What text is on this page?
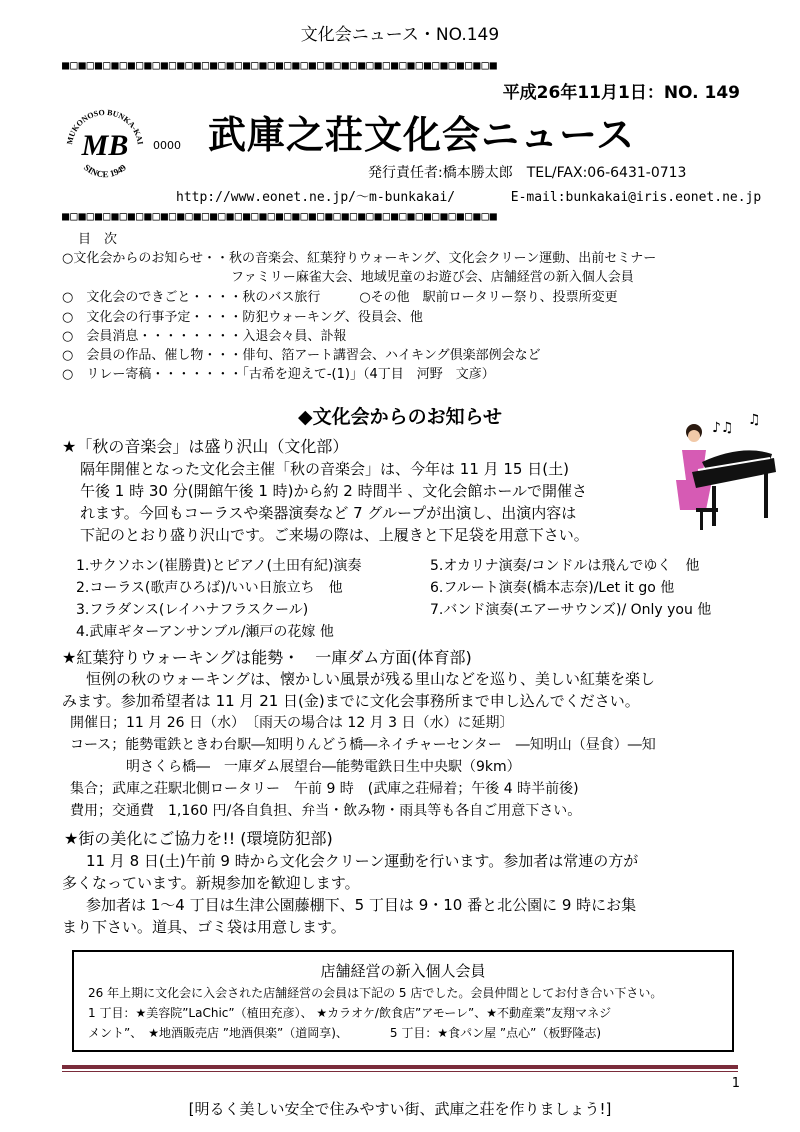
文化会ニュース・NO.149
■□■□■□■□■□■□■□■□■□■□■□■□■□■□■□■□■□■□■□■□■□■□■□■□■□■□■
平成26年11月1日：NO. 149
MUKONOSO BUNKA-KAI
SINCE 1949
MB 0000 武庫之荘文化会ニュース
発行責任者:橋本勝太郎　TEL/FAX:06-6431-0713
http://www.eonet.ne.jp/～m-bunkakai/	E-mail:bunkakai@iris.eonet.ne.jp
■□■□■□■□■□■□■□■□■□■□■□■□■□■□■□■□■□■□■□■□■□■□■□■□■□■□■
目　次
○文化会からのお知らせ・・秋の音楽会、紅葉狩りウォーキング、文化会クリーン運動、出前セミナー
　　　　　　　　　　　　　ファミリー麻雀大会、地域児童のお遊び会、店舗経営の新入個人会員
○　文化会のできごと・・・・秋のバス旅行　　　○その他　駅前ロータリー祭り、投票所変更
○　文化会の行事予定・・・・防犯ウォーキング、役員会、他
○　会員消息・・・・・・・・入退会々員、訃報
○　会員の作品、催し物・・・俳句、箔アート講習会、ハイキング倶楽部例会など
○　リレー寄稿・・・・・・・「古希を迎えて-(1)」（4丁目　河野　文彦）
◆文化会からのお知らせ
★「秋の音楽会」は盛り沢山（文化部）
隔年開催となった文化会主催「秋の音楽会」は、今年は 11 月 15 日(土)
午後 1 時 30 分(開館午後 1 時)から約 2 時間半 、文化会館ホールで開催さ
れます。今回もコーラスや楽器演奏など 7 グループが出演し、出演内容は
下記のとおり盛り沢山です。ご来場の際は、上履きと下足袋を用意下さい。
♪♫ ♫
1.サクソホン(崔勝貴)とピアノ(土田有紀)演奏
2.コーラス(歌声ひろば)/いい日旅立ち　他
3.フラダンス(レイハナフラスクール)
4.武庫ギターアンサンブル/瀬戸の花嫁 他
5.オカリナ演奏/コンドルは飛んでゆく　他
6.フルート演奏(橋本志奈)/Let it go 他
7.バンド演奏(エアーサウンズ)/ Only you 他
★紅葉狩りウォーキングは能勢・　一庫ダム方面(体育部)
恒例の秋のウォーキングは、懐かしい風景が残る里山などを巡り、美しい紅葉を楽し
みます。参加希望者は 11 月 21 日(金)までに文化会事務所まで申し込んでください。
開催日；11 月 26 日（水）　〔雨天の場合は 12 月 3 日（水）に延期〕
コース；能勢電鉄ときわ台駅―知明りんどう橋―ネイチャーセンター　―知明山（昼食）―知
　　　　明さくら橋―　一庫ダム展望台―能勢電鉄日生中央駅（9km）
集合；武庫之荘駅北側ロータリー　午前 9 時　(武庫之荘帰着；午後 4 時半前後)
費用；交通費　1,160 円/各自負担、弁当・飲み物・雨具等も各自ご用意下さい。
★街の美化にご協力を!! (環境防犯部)
11 月 8 日(土)午前 9 時から文化会クリーン運動を行います。参加者は常連の方が
多くなっています。新規参加を歓迎します。
参加者は 1～4 丁目は生津公園藤棚下、5 丁目は 9・10 番と北公園に 9 時にお集
まり下さい。道具、ゴミ袋は用意します。
店舗経営の新入個人会員
26 年上期に文化会に入会された店舗経営の会員は下記の 5 店でした。会員仲間としてお付き合い下さい。
1 丁目：★美容院”LaChic”（植田充彦）、 ★カラオケ/飲食店”アモーレ”、★不動産業”友翔マネジ
メント”、　★地酒販売店 ”地酒倶楽”（道岡享)、　　　　5 丁目：★食パン屋 ”点心”（板野隆志)
1
[明るく美しい安全で住みやすい街、武庫之荘を作りましょう!]
